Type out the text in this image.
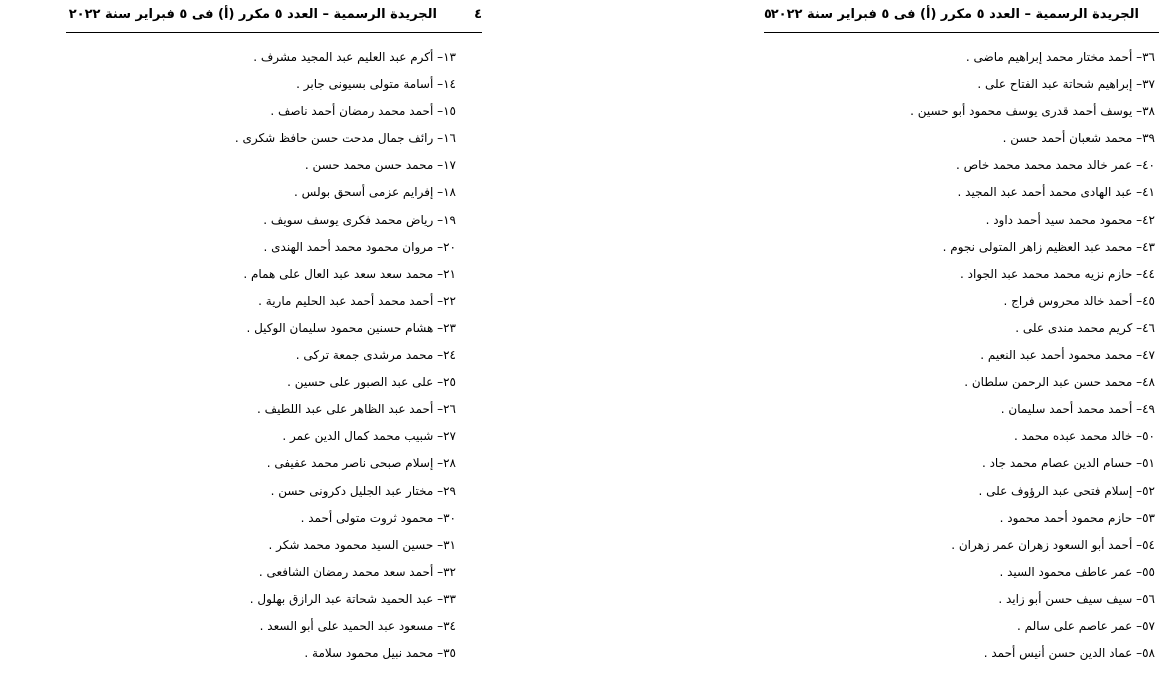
الجريدة الرسمية – العدد ٥ مكرر (أ) فى ٥ فبراير سنة ٢٠٢٢	٤
١٣– أكرم عبد العليم عبد المجيد مشرف .
١٤– أسامة متولى بسيونى جابر .
١٥– أحمد محمد رمضان أحمد ناصف .
١٦– رائف جمال مدحت حسن حافظ شكرى .
١٧– محمد حسن محمد حسن .
١٨– إفرايم عزمى أسحق بولس .
١٩– رياض محمد فكرى يوسف سويف .
٢٠– مروان محمود محمد أحمد الهندى .
٢١– محمد سعد سعد عبد العال على همام .
٢٢– أحمد محمد أحمد عبد الحليم مارية .
٢٣– هشام حسنين محمود سليمان الوكيل .
٢٤– محمد مرشدى جمعة تركى .
٢٥– على عبد الصبور على حسين .
٢٦– أحمد عبد الظاهر على عبد اللطيف .
٢٧– شبيب محمد كمال الدين عمر .
٢٨– إسلام صبحى ناصر محمد عفيفى .
٢٩– مختار عبد الجليل دكرونى حسن .
٣٠– محمود ثروت متولى أحمد .
٣١– حسين السيد محمود محمد شكر .
٣٢– أحمد سعد محمد رمضان الشافعى .
٣٣– عبد الحميد شحاتة عبد الرازق بهلول .
٣٤– مسعود عبد الحميد على أبو السعد .
٣٥– محمد نبيل محمود سلامة .
الجريدة الرسمية – العدد ٥ مكرر (أ) فى ٥ فبراير سنة ٢٠٢٢
٥
٣٦– أحمد مختار محمد إبراهيم ماضى .
٣٧– إبراهيم شحاتة عبد الفتاح على .
٣٨– يوسف أحمد قدرى يوسف محمود أبو حسين .
٣٩– محمد شعبان أحمد حسن .
٤٠– عمر خالد محمد محمد محمد خاص .
٤١– عبد الهادى محمد أحمد عبد المجيد .
٤٢– محمود محمد سيد أحمد داود .
٤٣– محمد عبد العظيم زاهر المتولى نجوم .
٤٤– حازم نزيه محمد محمد عبد الجواد .
٤٥– أحمد خالد محروس فراج .
٤٦– كريم محمد مندى على .
٤٧– محمد محمود أحمد عبد النعيم .
٤٨– محمد حسن عبد الرحمن سلطان .
٤٩– أحمد محمد أحمد سليمان .
٥٠– خالد محمد عبده محمد .
٥١– حسام الدين عصام محمد جاد .
٥٢– إسلام فتحى عبد الرؤوف على .
٥٣– حازم محمود أحمد محمود .
٥٤– أحمد أبو السعود زهران عمر زهران .
٥٥– عمر عاطف محمود السيد .
٥٦– سيف سيف حسن أبو زايد .
٥٧– عمر عاصم على سالم .
٥٨– عماد الدين حسن أنيس أحمد .
